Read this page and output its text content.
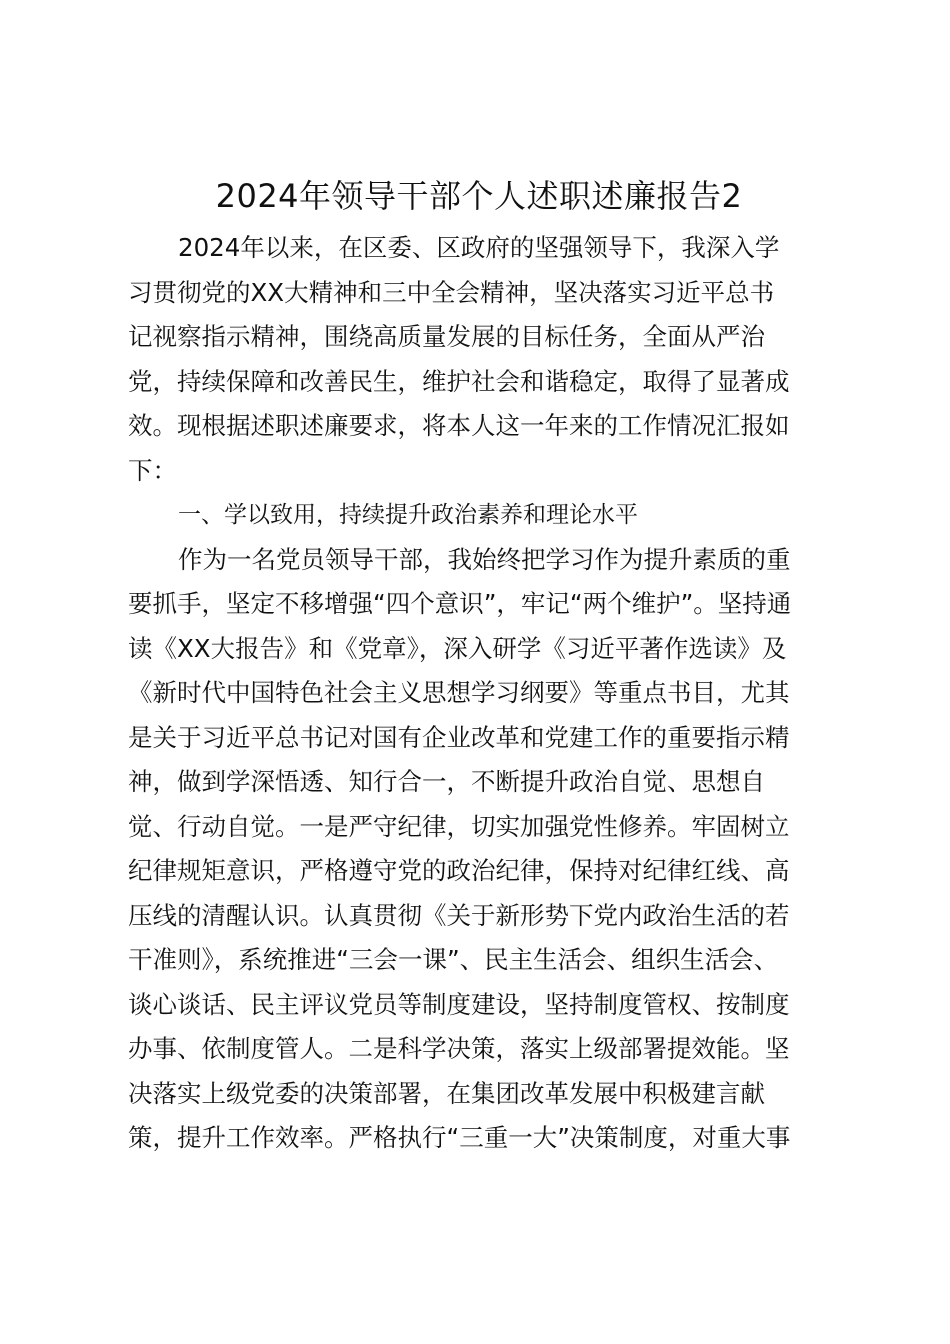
2024年领导干部个人述职述廉报告2
2024年以来，在区委、区政府的坚强领导下，我深入学
习贯彻党的XX大精神和三中全会精神，坚决落实习近平总书
记视察指示精神，围绕高质量发展的目标任务，全面从严治
党，持续保障和改善民生，维护社会和谐稳定，取得了显著成
效。现根据述职述廉要求，将本人这一年来的工作情况汇报如
下：
一、学以致用，持续提升政治素养和理论水平
作为一名党员领导干部，我始终把学习作为提升素质的重
要抓手，坚定不移增强“四个意识”，牢记“两个维护”。坚持通
读《XX大报告》和《党章》，深入研学《习近平著作选读》及
《新时代中国特色社会主义思想学习纲要》等重点书目，尤其
是关于习近平总书记对国有企业改革和党建工作的重要指示精
神，做到学深悟透、知行合一，不断提升政治自觉、思想自
觉、行动自觉。一是严守纪律，切实加强党性修养。牢固树立
纪律规矩意识，严格遵守党的政治纪律，保持对纪律红线、高
压线的清醒认识。认真贯彻《关于新形势下党内政治生活的若
干准则》，系统推进“三会一课”、民主生活会、组织生活会、
谈心谈话、民主评议党员等制度建设，坚持制度管权、按制度
办事、依制度管人。二是科学决策，落实上级部署提效能。坚
决落实上级党委的决策部署，在集团改革发展中积极建言献
策，提升工作效率。严格执行“三重一大”决策制度，对重大事
